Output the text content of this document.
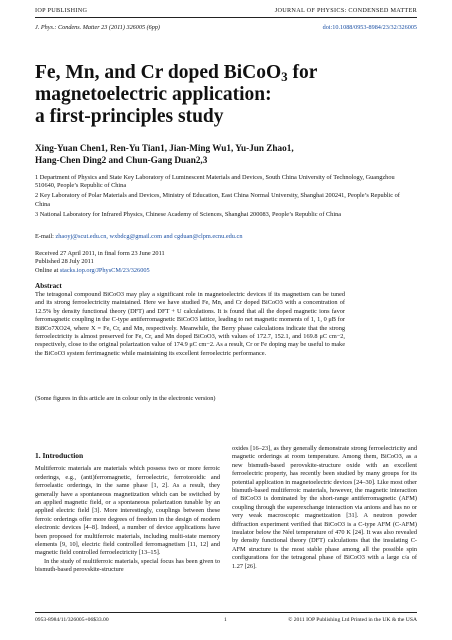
IOP PUBLISHING	JOURNAL OF PHYSICS: CONDENSED MATTER
J. Phys.: Condens. Matter 23 (2011) 326005 (6pp)	doi:10.1088/0953-8984/23/32/326005
Fe, Mn, and Cr doped BiCoO$_3$ for
magnetoelectric application:
a first-principles study
Xing-Yuan Chen1, Ren-Yu Tian1, Jian-Ming Wu1, Yu-Jun Zhao1,
Hang-Chen Ding2 and Chun-Gang Duan2,3

1 Department of Physics and State Key Laboratory of Luminescent Materials and Devices, South China University of Technology, Guangzhou 510640, People’s Republic of China

2 Key Laboratory of Polar Materials and Devices, Ministry of Education, East China Normal University, Shanghai 200241, People’s Republic of China

3 National Laboratory for Infrared Physics, Chinese Academy of Sciences, Shanghai 200083, People’s Republic of China

E-mail: zhaoyj@scut.edu.cn, wxbdcg@gmail.com and cgduan@clpm.ecnu.edu.cn
Received 27 April 2011, in final form 23 June 2011
Published 28 July 2011
Online at stacks.iop.org/JPhysCM/23/326005
Abstract
The tetragonal compound BiCoO3 may play a significant role in magnetoelectric devices if its magnetism can be tuned and its strong ferroelectricity maintained. Here we have studied Fe, Mn, and Cr doped BiCoO3 with a concentration of 12.5% by density functional theory (DFT) and DFT + U calculations. It is found that all the doped magnetic ions favor ferromagnetic coupling in the C-type antiferromagnetic BiCoO3 lattice, leading to net magnetic moments of 1, 1, 0 μB for Bi8Co7XO24, where X = Fe, Cr, and Mn, respectively. Meanwhile, the Berry phase calculations indicate that the strong ferroelectricity is almost preserved for Fe, Cr, and Mn doped BiCoO3, with values of 172.7, 152.1, and 169.8 μC cm−2, respectively, close to the original polarization value of 174.9 μC cm−2. As a result, Cr or Fe doping may be useful to make the BiCoO3 system ferrimagnetic while maintaining its excellent ferroelectric performance.
(Some figures in this article are in colour only in the electronic version)
1. Introduction

Multiferroic materials are materials which possess two or more ferroic orderings, e.g., (anti)ferromagnetic, ferroelectric, ferrotoroidic and ferroelastic orderings, in the same phase [1, 2]. As a result, they generally have a spontaneous magnetization which can be switched by an applied magnetic field, or a spontaneous polarization tunable by an applied electric field [3]. More interestingly, couplings between these ferroic orderings offer more degrees of freedom in the design of modern electronic devices [4–8]. Indeed, a number of device applications have been proposed for multiferroic materials, including multi-state memory elements [9, 10], electric field controlled ferromagnetism [11, 12] and magnetic field controlled ferroelectricity [13–15].

In the study of multiferroic materials, special focus has been given to bismuth-based perovskite-structure

oxides [16–23], as they generally demonstrate strong ferroelectricity and magnetic orderings at room temperature. Among them, BiCoO3, as a new bismuth-based perovskite-structure oxide with an excellent ferroelectric property, has recently been studied by many groups for its potential application in magnetoelectric devices [24–30]. Like most other bismuth-based multiferroic materials, however, the magnetic interaction of BiCoO3 is dominated by the short-range antiferromagnetic (AFM) coupling through the superexchange interaction via anions and has no or very weak macroscopic magnetization [31]. A neutron powder diffraction experiment verified that BiCoO3 is a C-type AFM (C-AFM) insulator below the Néel temperature of 470 K [24]. It was also revealed by density functional theory (DFT) calculations that the insulating C-AFM structure is the most stable phase among all the possible spin configurations for the tetragonal phase of BiCoO3 with a large c/a of 1.27 [26].

0953-8984/11/326005+06$33.00	1	© 2011 IOP Publishing Ltd Printed in the UK & the USA
